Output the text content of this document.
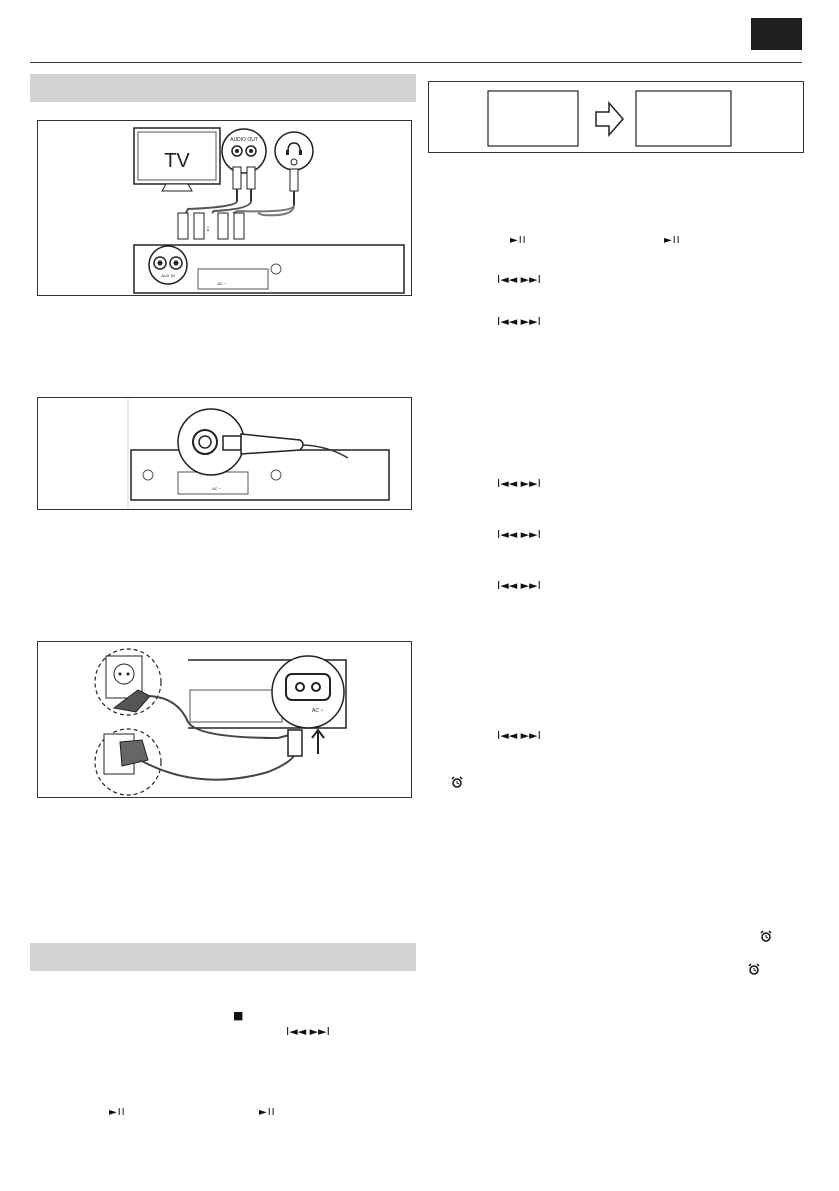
TV
AUDIO OUT
↓
AUX IN
AC ~
AC ~
AC ~
■
I◄◄ ►►I
►II	►II
►II	►II
I◄◄ ►►I
I◄◄ ►►I
I◄◄ ►►I
I◄◄ ►►I
I◄◄ ►►I
I◄◄ ►►I
